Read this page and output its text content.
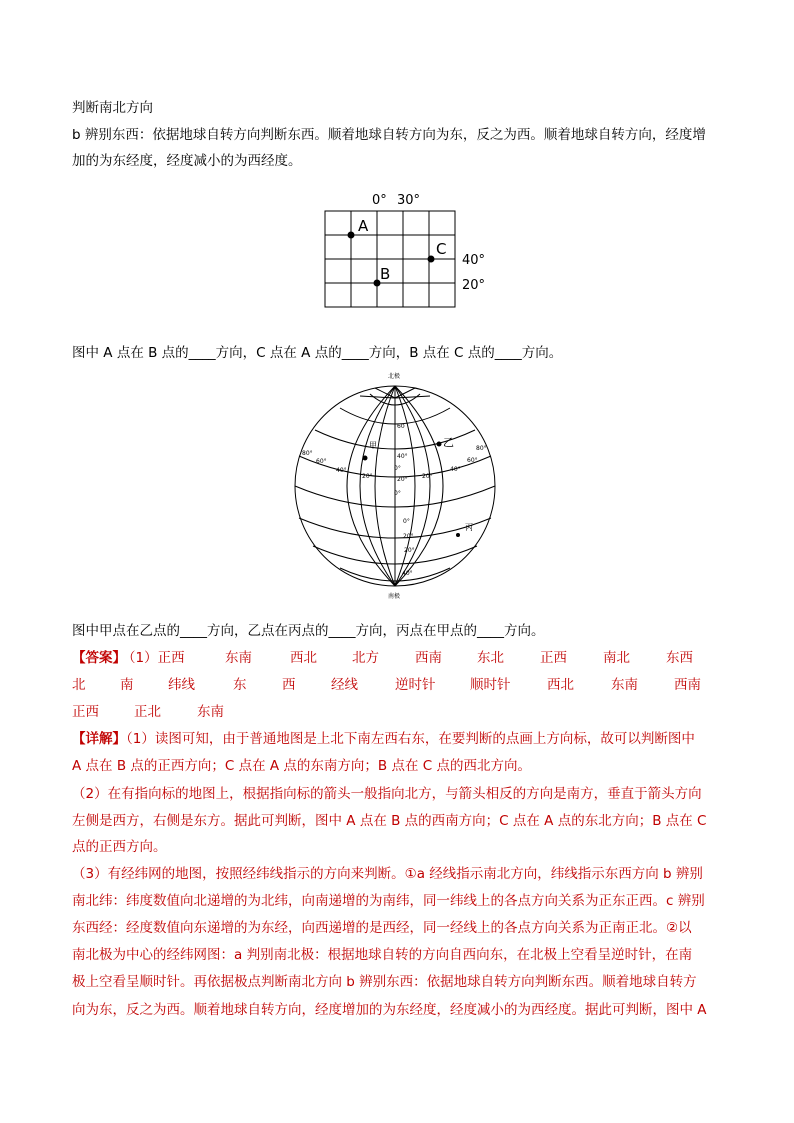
判断南北方向
b 辨别东西：依据地球自转方向判断东西。顺着地球自转方向为东，反之为西。顺着地球自转方向，经度增
加的为东经度，经度减小的为西经度。
0° 30°
A
B
C
40°
20°
图中 A 点在 B 点的____方向，C 点在 A 点的____方向，B 点在 C 点的____方向。
北极
甲	乙
丙
60
40°
20°
0°
20°
0°
20°
40°
60°
80°
80°
60°
40°
20°
0°
20°
40°
南极
图中甲点在乙点的____方向，乙点在丙点的____方向，丙点在甲点的____方向。
【答案】
（1）正西	东南	西北	北方	西南	东北	正西	南北	东西
北	南	纬线	东	西	经线	逆时针	顺时针	西北	东南	西南
正西	正北	东南
【详解】（1）读图可知，由于普通地图是上北下南左西右东，在要判断的点画上方向标，故可以判断图中
A 点在 B 点的正西方向；C 点在 A 点的东南方向；B 点在 C 点的西北方向。
（2）在有指向标的地图上，根据指向标的箭头一般指向北方，与箭头相反的方向是南方，垂直于箭头方向
左侧是西方，右侧是东方。据此可判断，图中 A 点在 B 点的西南方向；C 点在 A 点的东北方向；B 点在 C
点的正西方向。
（3）有经纬网的地图，按照经纬线指示的方向来判断。①a 经线指示南北方向，纬线指示东西方向 b 辨别
南北纬：纬度数值向北递增的为北纬，向南递增的为南纬，同一纬线上的各点方向关系为正东正西。c 辨别
东西经：经度数值向东递增的为东经，向西递增的是西经，同一经线上的各点方向关系为正南正北。②以
南北极为中心的经纬网图：a 判别南北极：根据地球自转的方向自西向东，在北极上空看呈逆时针，在南
极上空看呈顺时针。再依据极点判断南北方向 b 辨别东西：依据地球自转方向判断东西。顺着地球自转方
向为东，反之为西。顺着地球自转方向，经度增加的为东经度，经度减小的为西经度。据此可判断，图中 A
